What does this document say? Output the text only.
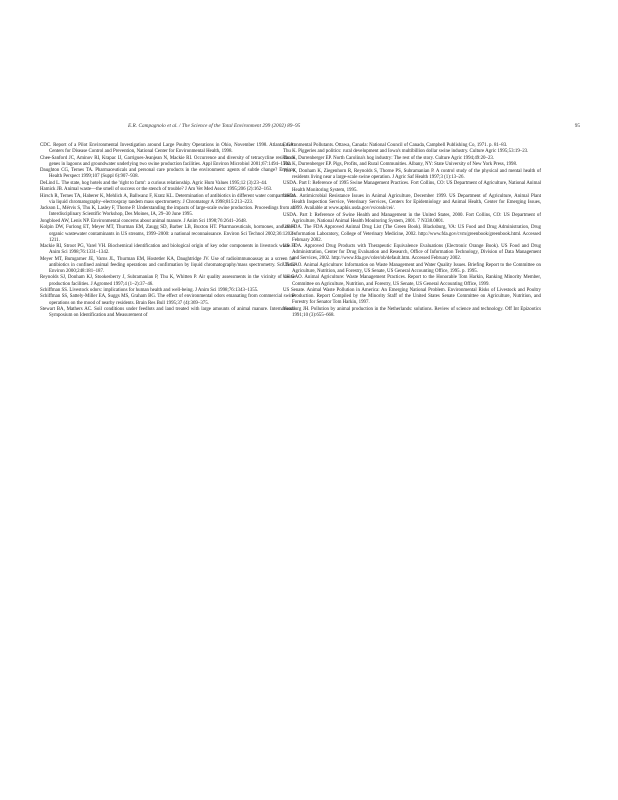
E.R. Campagnolo et al. / The Science of the Total Environment 299 (2002) 89–95	95

CDC. Report of a Pilot Environmental Investigation around Large Poultry Operations in Ohio, November 1998. Atlanta, GA: Centers for Disease Control and Prevention, National Center for Environmental Health, 1998.

Chee-Sanford JC, Aminov RI, Krapac IJ, Garrigues-Jeanjean N, Mackie RI. Occurrence and diversity of tetracycline resistance genes in lagoons and groundwater underlying two swine production facilities. Appl Environ Microbiol 2001;67:1494–1502.

Daughton CG, Ternes TA. Pharmaceuticals and personal care products in the environment: agents of subtle change? Environ Health Perspect 1999;107 (Suppl 6):907–938.

DeLind L. The state, hog hotels and the 'right to farm': a curious relationship. Agric Hum Values 1995;12 (3):23–44.

Hamick JB. Animal waste—the smell of success or the stench of trouble? J Am Vet Med Assoc 1995;206 (2):162–163.

Hirsch R, Ternes TA, Haberer K, Mehlich A, Ballwanz F, Kratz KL. Determination of antibiotics in different water compartments via liquid chromatography–electrospray tandem mass spectrometry. J Chromatogr A 1998;815:213–223.

Jackson L, Mérvis S, Thu K, Lasley F, Thorne P. Understanding the impacts of large-scale swine production. Proceedings from an Interdisciplinary Scientific Workshop, Des Moines, IA, 29–30 June 1995.

Jongbloed AW, Lenis NP. Environmental concerns about animal manure. J Anim Sci 1998;76:2641–2648.

Kolpin DW, Furlong ET, Meyer MT, Thurman EM, Zaugg SD, Barber LB, Buxton HT. Pharmaceuticals, hormones, and other organic wastewater contaminants in US streams, 1999–2000: a national reconnaissance. Environ Sci Technol 2002;36:1202–1211.

Mackie RI, Stroot PG, Varel VH. Biochemical identification and biological origin of key odor components in livestock waste. J Anim Sci 1998;76:1331–1342.

Meyer MT, Bumgarner JE, Varns JL, Thurman EM, Hostetler KA, Daughtridge JV. Use of radioimmunoassay as a screen for antibiotics in confined animal feeding operations and confirmation by liquid chromatography/mass spectrometry. Sci Total Environ 2000;248:181–187.

Reynolds SJ, Donham KJ, Stookesberry J, Subramanian P, Thu K, Whitten P. Air quality assessments in the vicinity of swine production facilities. J Agromed 1997;4 (1–2):37–46.

Schiffman SS. Livestock odors: implications for human health and well-being. J Anim Sci 1998;76:1343–1355.

Schiffman SS, Sattely-Miller EA, Suggs MS, Graham BG. The effect of environmental odors emanating from commercial swine operations on the mood of nearby residents. Brain Res Bull 1995;37 (4):369–375.

Stewart BA, Mathers AC. Soil conditions under feedlots and land treated with large amounts of animal manure. International Symposium on Identification and Measurement of

Environmental Pollutants. Ottawa, Canada: National Council of Canada, Campbell Publishing Co, 1971. p. 81–83.

Thu K. Piggeries and politics: rural development and Iowa's multibillion dollar swine industry. Culture Agric 1995;53:19–23.

Thu K, Durrenberger EP. North Carolina's hog industry: The rest of the story. Culture Agric 1994;49:20–23.

Thu K, Durrenberger EP. Pigs, Profits, and Rural Communities. Albany, NY: State University of New York Press, 1998.

Thu K, Donham K, Ziegenhorn R, Reynolds S, Thorne PS, Subramanian P. A control study of the physical and mental health of residents living near a large-scale swine operation. J Agric Saf Health 1997;3 (1):13–26.

USDA. Part I: Reference of 1995 Swine Management Practices. Fort Collins, CO: US Department of Agriculture, National Animal Health Monitoring System, 1995.

USDA. Antimicrobial Resistance Issues in Animal Agriculture, December 1999. US Department of Agriculture, Animal Plant Health Inspection Service, Veterinary Services, Centers for Epidemiology and Animal Health, Center for Emerging Issues, 1999. Available at www.aphis.usda.gov/vs/ceah/cei/.

USDA. Part I: Reference of Swine Health and Management in the United States, 2000. Fort Collins, CO: US Department of Agriculture, National Animal Health Monitoring System, 2001. 7 N338.0801.

US FDA. The FDA Approved Animal Drug List (The Green Book). Blacksburg, VA: US Food and Drug Administration, Drug Information Laboratory, College of Veterinary Medicine, 2002. http://www.fda.gov/cvm/greenbook/greenbook.html. Accessed February 2002.

US FDA. Approved Drug Products with Therapeutic Equivalence Evaluations (Electronic Orange Book). US Food and Drug Administration, Center for Drug Evaluation and Research, Office of Information Technology, Division of Data Management and Services, 2002. http://www.fda.gov/cder/ob/default.htm. Accessed February 2002.

US GAO. Animal Agriculture: Information on Waste Management and Water Quality Issues. Briefing Report to the Committee on Agriculture, Nutrition, and Forestry, US Senate, US General Accounting Office, 1995. p. 1995.

US GAO. Animal Agriculture: Waste Management Practices. Report to the Honorable Tom Harkin, Ranking Minority Member, Committee on Agriculture, Nutrition, and Forestry, US Senate, US General Accounting Office, 1999.

US Senate. Animal Waste Pollution in America: An Emerging National Problem. Environmental Risks of Livestock and Poultry Production. Report Compiled by the Minority Staff of the United States Senate Committee on Agriculture, Nutrition, and Forestry for Senator Tom Harkin, 1997.

Voorburg JH. Pollution by animal production in the Netherlands: solutions. Review of science and technology. Off Int Epizootics 1991;10 (3):655–668.
